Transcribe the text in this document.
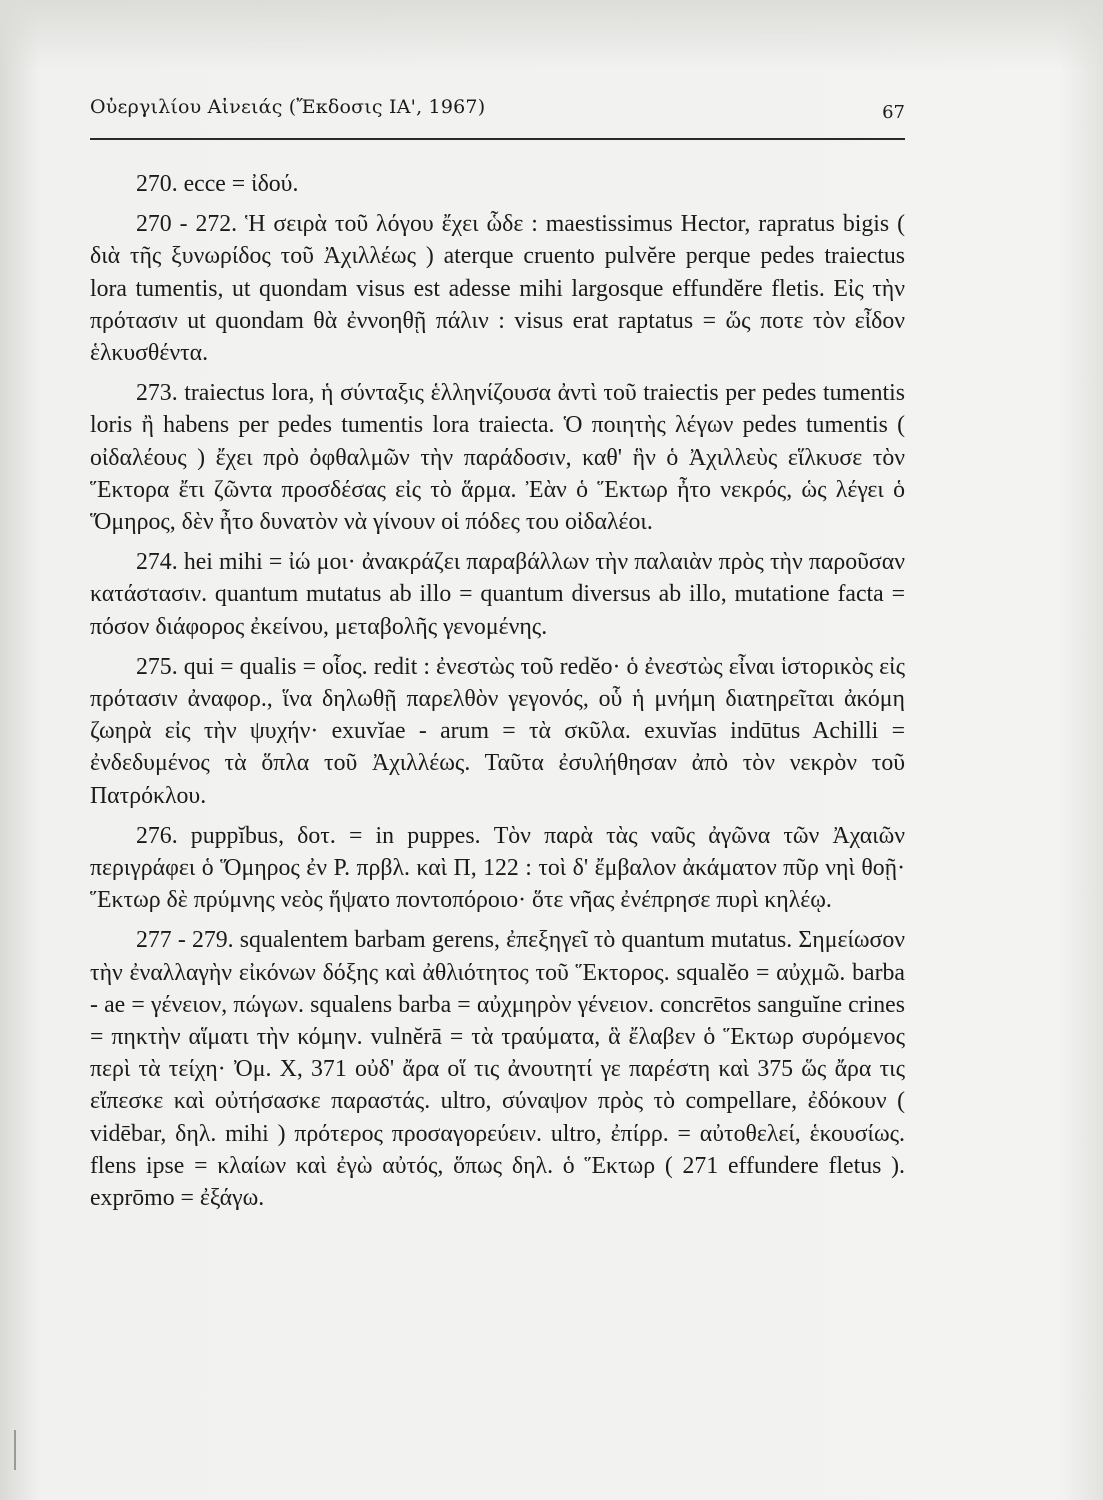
Οὐεργιλίου Αἰνειάς (Ἔκδοσις ΙΑ', 1967)	67

270. ecce = ἰδού.

270 - 272. Ἡ σειρὰ τοῦ λόγου ἔχει ὧδε : maestissimus Hector, rapratus bigis ( διὰ τῆς ξυνωρίδος τοῦ Ἀχιλλέως ) aterque cruento pulvĕre perque pedes traiectus lora tumentis, ut quondam visus est adesse mihi largosque effundĕre fletis. Εἰς τὴν πρότασιν ut quondam θὰ ἐννοηθῇ πάλιν : visus erat raptatus = ὥς ποτε τὸν εἶδον ἑλκυσθέντα.

273. traiectus lora, ἡ σύνταξις ἑλληνίζουσα ἀντὶ τοῦ traiectis per pedes tumentis loris ἢ habens per pedes tumentis lora traiecta. Ὁ ποιητὴς λέγων pedes tumentis ( οἰδαλέους ) ἔχει πρὸ ὀφθαλμῶν τὴν παράδοσιν, καθ' ἣν ὁ Ἀχιλλεὺς εἵλκυσε τὸν Ἕκτορα ἔτι ζῶντα προσδέσας εἰς τὸ ἅρμα. Ἐὰν ὁ Ἕκτωρ ἦτο νεκρός, ὡς λέγει ὁ Ὅμηρος, δὲν ἦτο δυνατὸν νὰ γίνουν οἱ πόδες του οἰδαλέοι.

274. hei mihi = ἰώ μοι· ἀνακράζει παραβάλλων τὴν παλαιὰν πρὸς τὴν παροῦσαν κατάστασιν. quantum mutatus ab illo = quantum diversus ab illo, mutatione facta = πόσον διάφορος ἐκείνου, μεταβολῆς γενομένης.

275. qui = qualis = οἷος. redit : ἐνεστὼς τοῦ redĕo· ὁ ἐνεστὼς εἶναι ἱστορικὸς εἰς πρότασιν ἀναφορ., ἵνα δηλωθῇ παρελθὸν γεγονός, οὗ ἡ μνήμη διατηρεῖται ἀκόμη ζωηρὰ εἰς τὴν ψυχήν· exuvĭae - arum = τὰ σκῦλα. exuvĭas indūtus Achilli = ἐνδεδυμένος τὰ ὅπλα τοῦ Ἀχιλλέως. Ταῦτα ἐσυλήθησαν ἀπὸ τὸν νεκρὸν τοῦ Πατρόκλου.

276. puppĭbus, δοτ. = in puppes. Τὸν παρὰ τὰς ναῦς ἀγῶνα τῶν Ἀχαιῶν περιγράφει ὁ Ὅμηρος ἐν Ρ. πρβλ. καὶ Π, 122 : τοὶ δ' ἔμβαλον ἀκάματον πῦρ νηὶ θοῇ· Ἕκτωρ δὲ πρύμνης νεὸς ἥψατο ποντοπόροιο· ὅτε νῆας ἐνέπρησε πυρὶ κηλέῳ.

277 - 279. squalentem barbam gerens, ἐπεξηγεῖ τὸ quantum mutatus. Σημείωσον τὴν ἐναλλαγὴν εἰκόνων δόξης καὶ ἀθλιότητος τοῦ Ἕκτορος. squalĕo = αὐχμῶ. barba - ae = γένειον, πώγων. squalens barba = αὐχμηρὸν γένειον. concrētos sanguĭne crines = πηκτὴν αἵματι τὴν κόμην. vulnĕrā = τὰ τραύματα, ἃ ἔλαβεν ὁ Ἕκτωρ συρόμενος περὶ τὰ τείχη· Ὀμ. Χ, 371 οὐδ' ἄρα οἵ τις ἀνουτητί γε παρέστη καὶ 375 ὥς ἄρα τις εἴπεσκε καὶ οὐτήσασκε παραστάς. ultro, σύναψον πρὸς τὸ compellare, ἐδόκουν ( vidēbar, δηλ. mihi ) πρότερος προσαγορεύειν. ultro, ἐπίρρ. = αὐτοθελεί, ἑκουσίως. flens ipse = κλαίων καὶ ἐγὼ αὐτός, ὅπως δηλ. ὁ Ἕκτωρ ( 271 effundere fletus ). exprōmo = ἐξάγω.
